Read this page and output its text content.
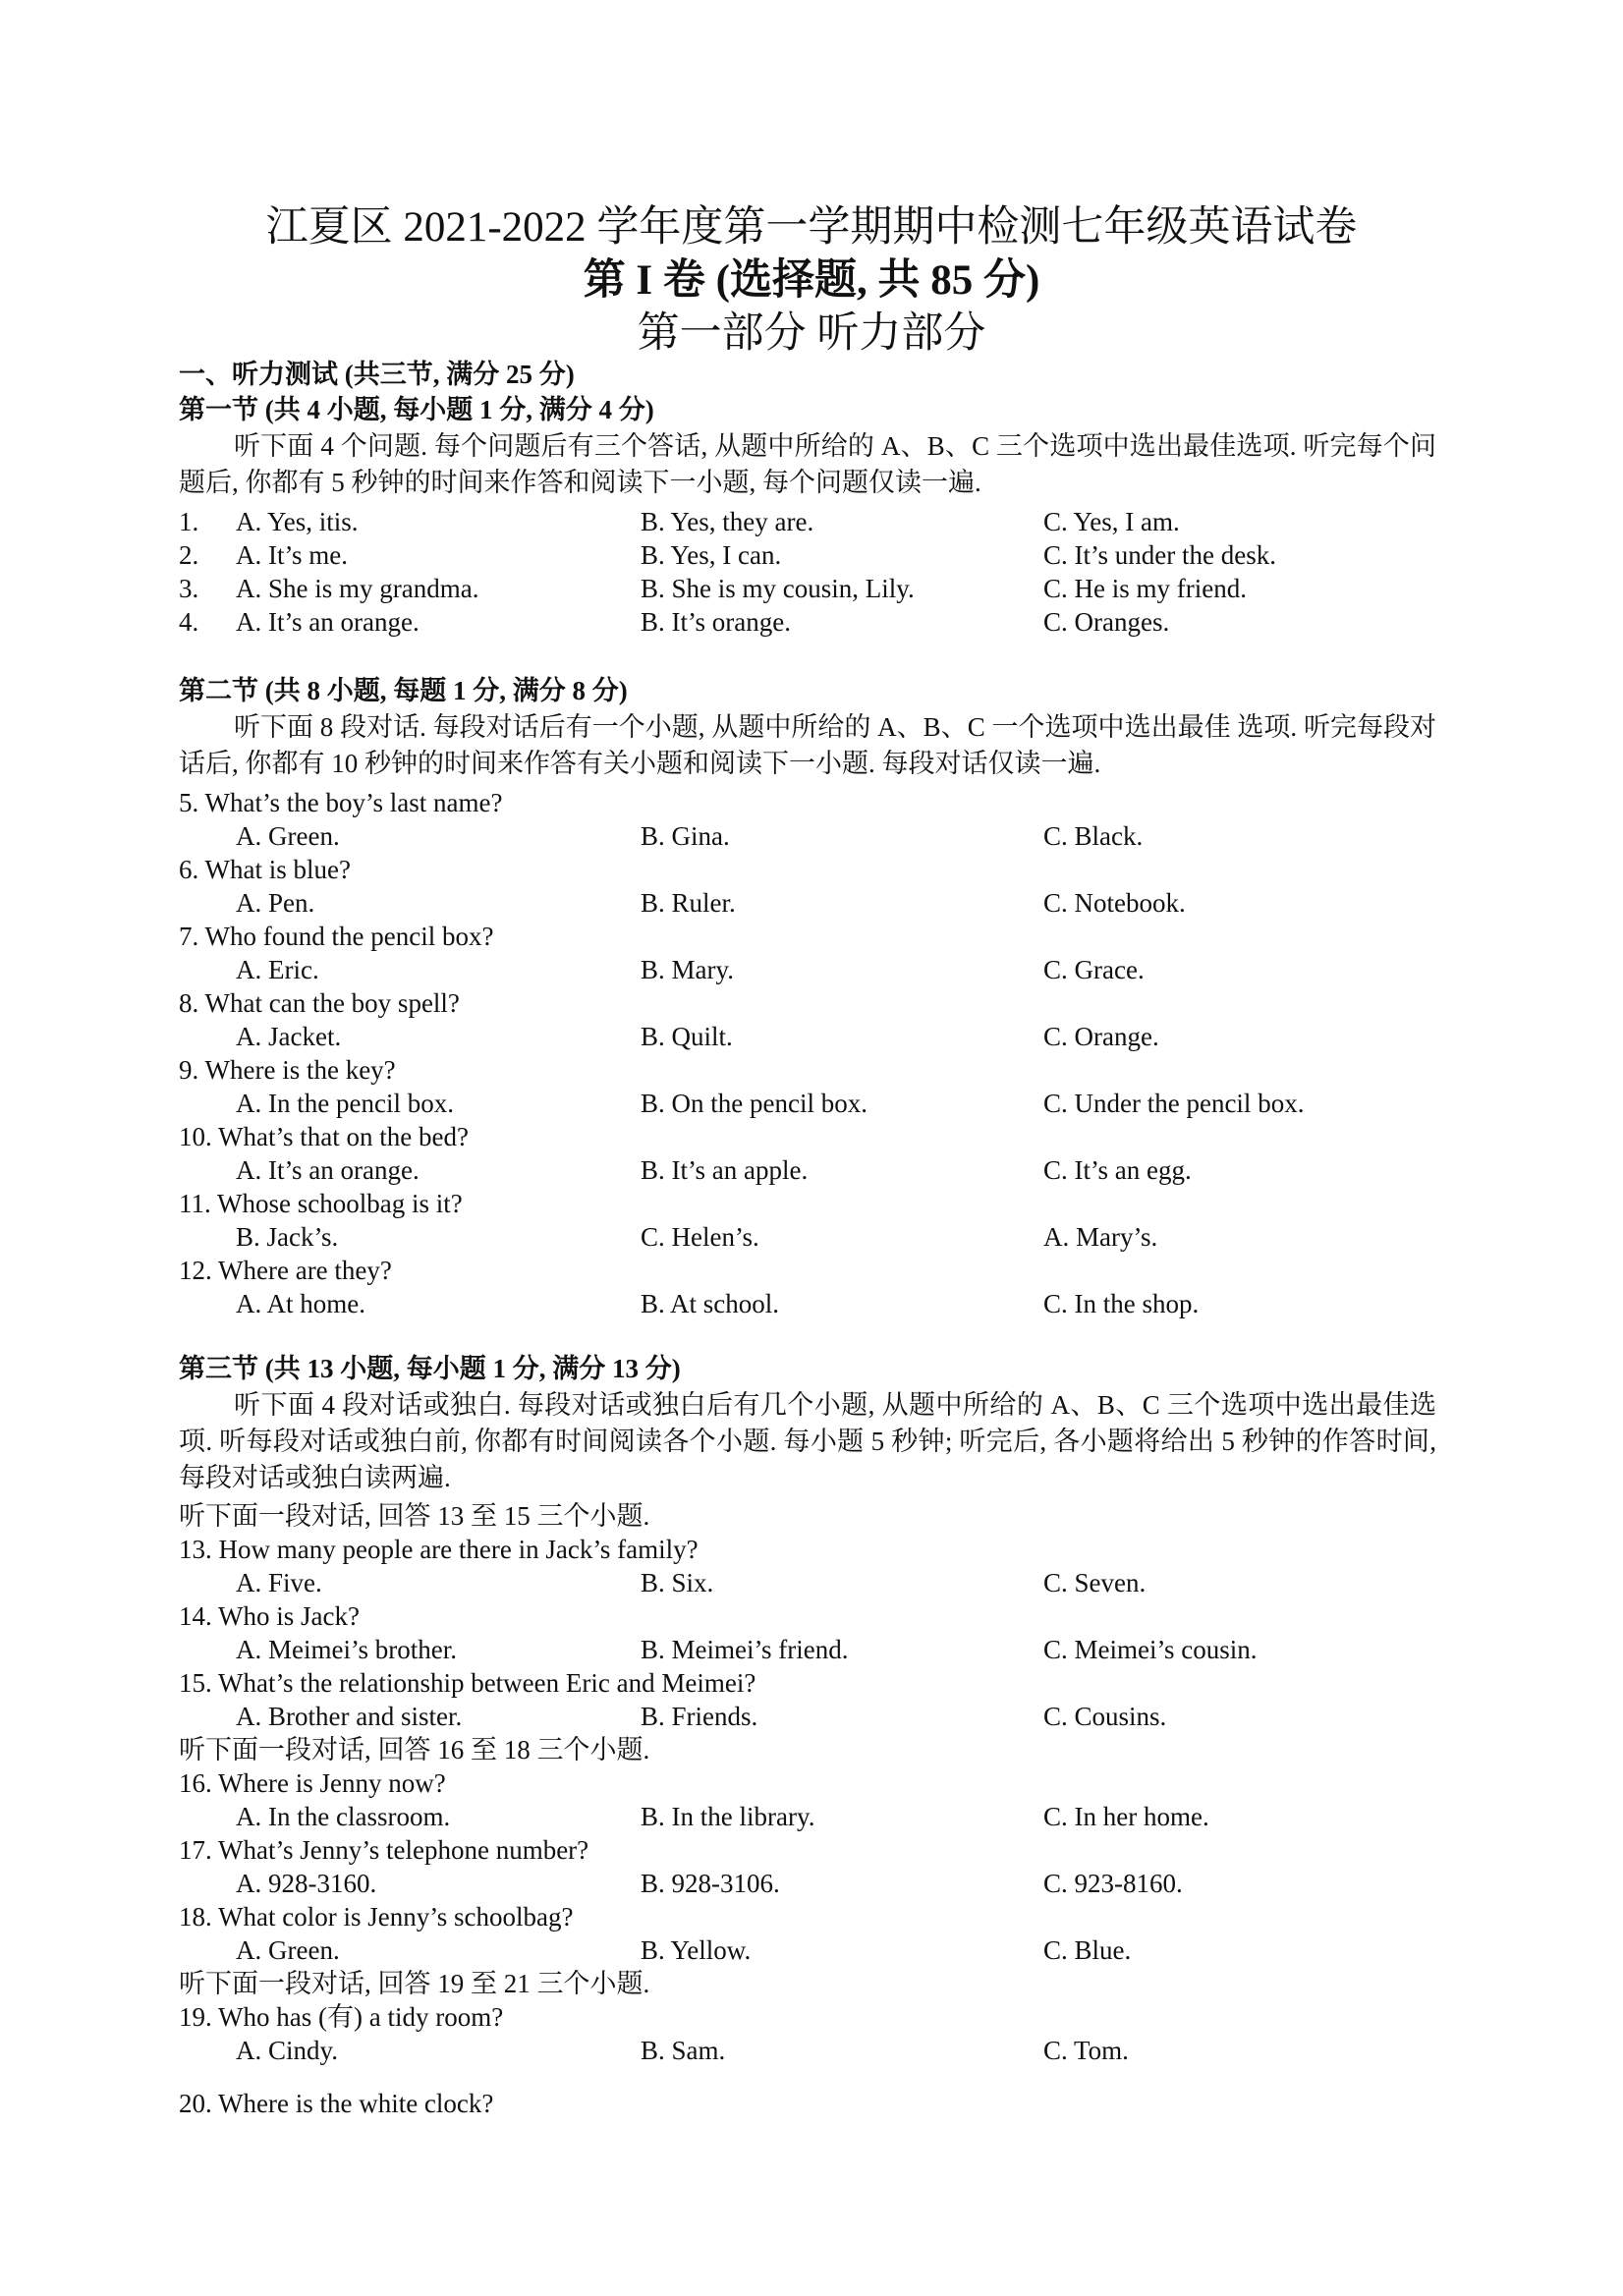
江夏区 2021-2022 学年度第一学期期中检测七年级英语试卷
第 I 卷 (选择题, 共 85 分)
第一部分 听力部分
一、听力测试 (共三节, 满分 25 分)
第一节 (共 4 小题, 每小题 1 分, 满分 4 分)
听下面 4 个问题. 每个问题后有三个答话, 从题中所给的 A、B、C 三个选项中选出最佳选项. 听完每个问题后, 你都有 5 秒钟的时间来作答和阅读下一小题, 每个问题仅读一遍.
1. A. Yes, itis.	B. Yes, they are.	C. Yes, I am.
2. A. It’s me.	B. Yes, I can.	C. It’s under the desk.
3. A. She is my grandma.	B. She is my cousin, Lily.	C. He is my friend.
4. A. It’s an orange.	B. It’s orange.	C. Oranges.
第二节 (共 8 小题, 每题 1 分, 满分 8 分)
听下面 8 段对话. 每段对话后有一个小题, 从题中所给的 A、B、C 一个选项中选出最佳 选项. 听完每段对话后, 你都有 10 秒钟的时间来作答有关小题和阅读下一小题. 每段对话仅读一遍.
5. What’s the boy’s last name?
A. Green.	B. Gina.	C. Black.
6. What is blue?
A. Pen.	B. Ruler.	C. Notebook.
7. Who found the pencil box?
A. Eric.	B. Mary.	C. Grace.
8. What can the boy spell?
A. Jacket.	B. Quilt.	C. Orange.
9. Where is the key?
A. In the pencil box.	B. On the pencil box.	C. Under the pencil box.
10. What’s that on the bed?
A. It’s an orange.	B. It’s an apple.	C. It’s an egg.
11. Whose schoolbag is it?
B. Jack’s.	C. Helen’s.	A. Mary’s.
12. Where are they?
A. At home.	B. At school.	C. In the shop.
第三节 (共 13 小题, 每小题 1 分, 满分 13 分)
听下面 4 段对话或独白. 每段对话或独白后有几个小题, 从题中所给的 A、B、C 三个选项中选出最佳选项. 听每段对话或独白前, 你都有时间阅读各个小题. 每小题 5 秒钟; 听完后, 各小题将给出 5 秒钟的作答时间, 每段对话或独白读两遍.
听下面一段对话, 回答 13 至 15 三个小题.
13. How many people are there in Jack’s family?
A. Five.	B. Six.	C. Seven.
14. Who is Jack?
A. Meimei’s brother.	B. Meimei’s friend.	C. Meimei’s cousin.
15. What’s the relationship between Eric and Meimei?
A. Brother and sister.	B. Friends.	C. Cousins.
听下面一段对话, 回答 16 至 18 三个小题.
16. Where is Jenny now?
A. In the classroom.	B. In the library.	C. In her home.
17. What’s Jenny’s telephone number?
A. 928-3160.	B. 928-3106.	C. 923-8160.
18. What color is Jenny’s schoolbag?
A. Green.	B. Yellow.	C. Blue.
听下面一段对话, 回答 19 至 21 三个小题.
19. Who has (有) a tidy room?
A. Cindy.	B. Sam.	C. Tom.
20. Where is the white clock?
